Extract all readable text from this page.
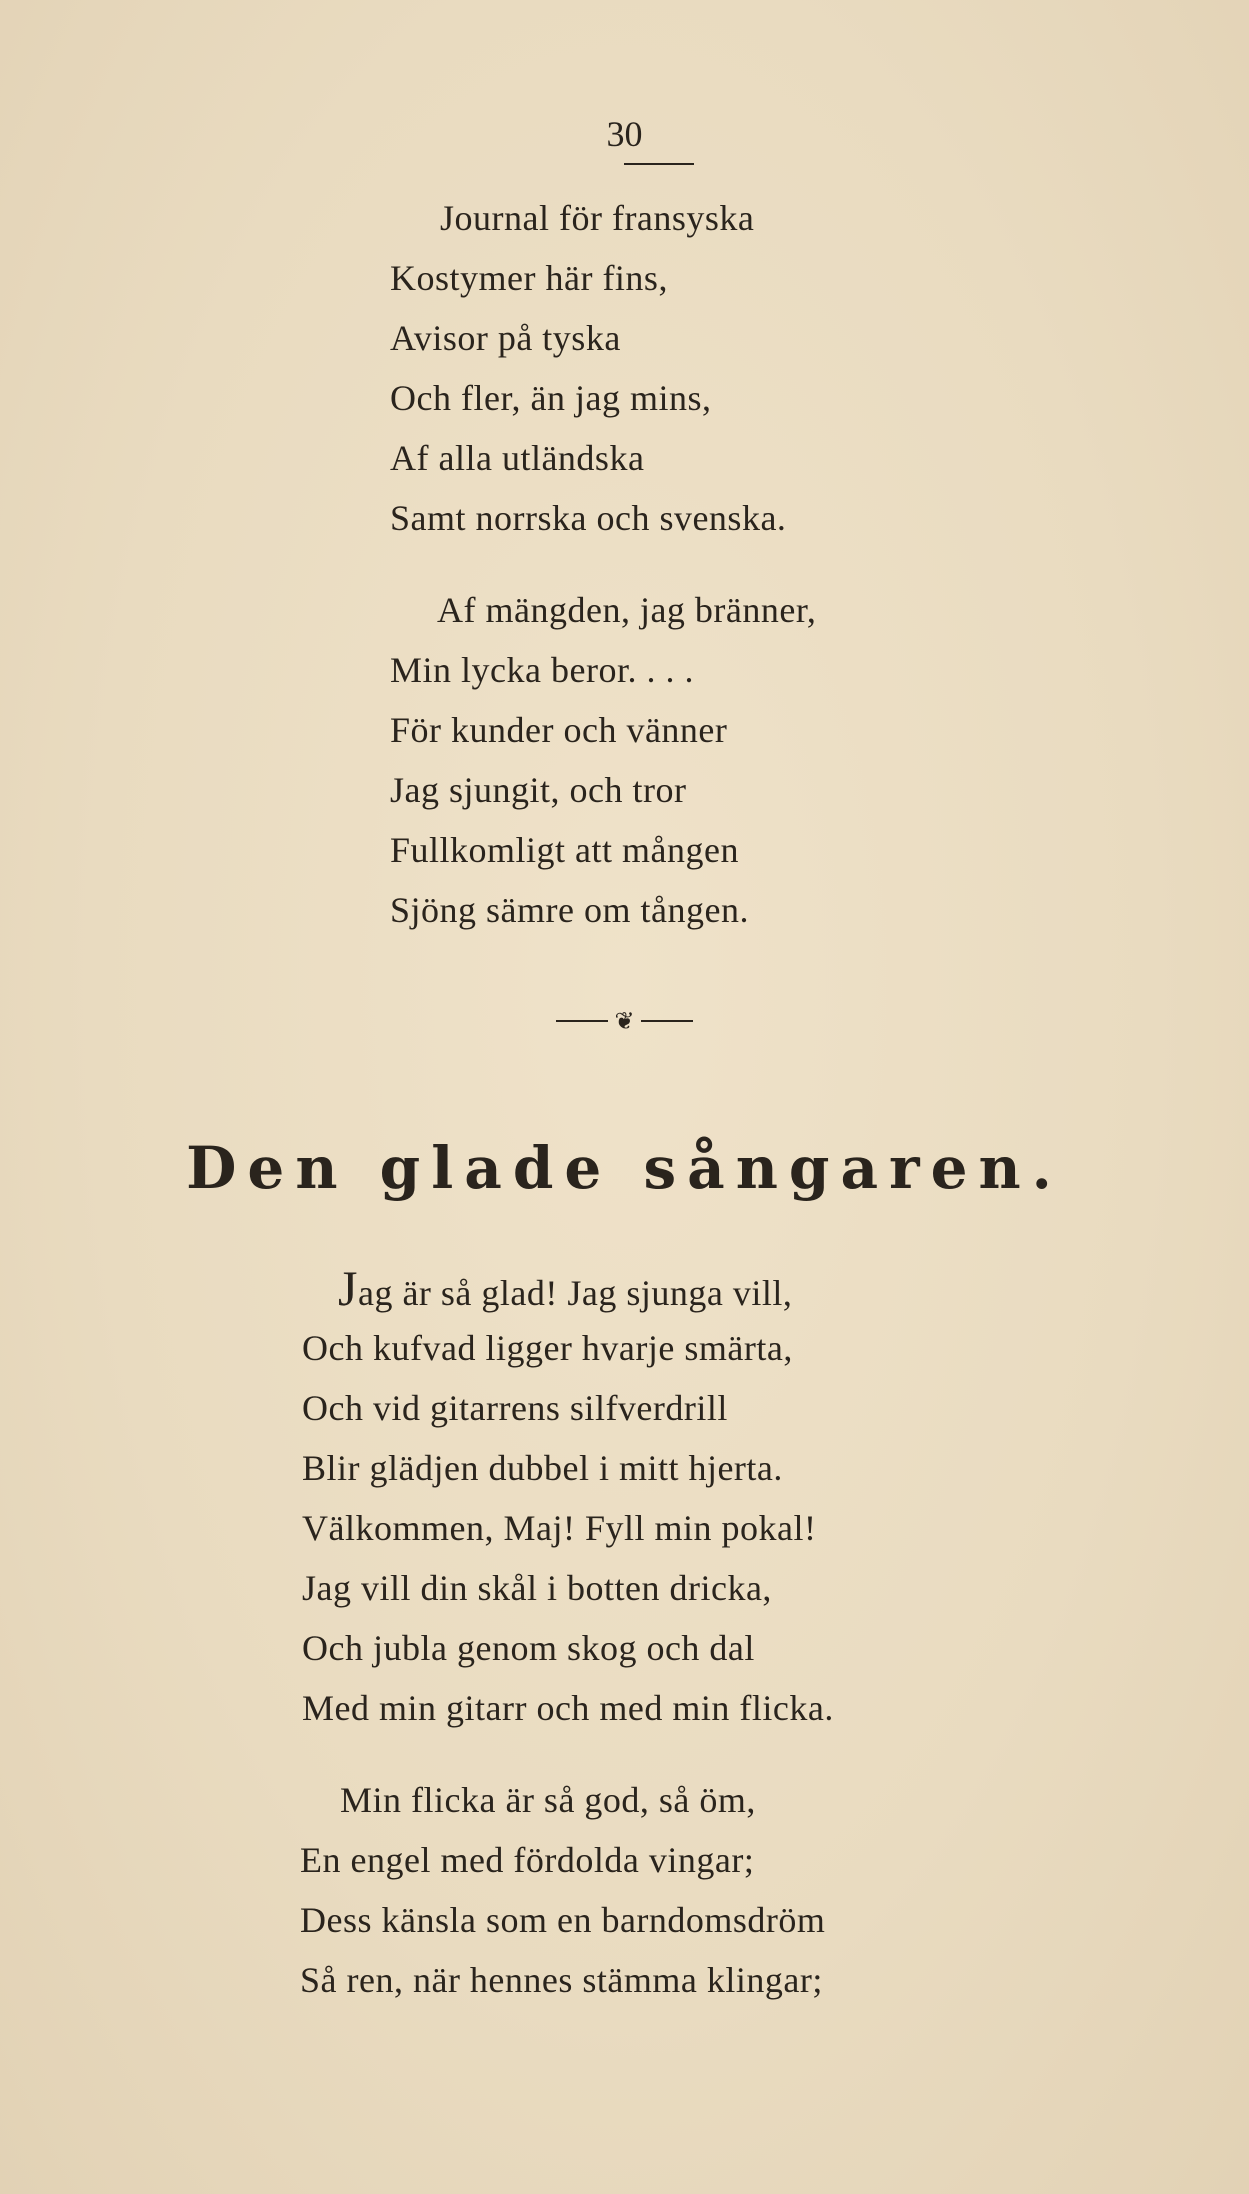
30
Journal för fransyska
Kostymer här fins,
Avisor på tyska
Och fler, än jag mins,
Af alla utländska
Samt norrska och svenska.
Af mängden, jag bränner,
Min lycka beror. . . .
För kunder och vänner
Jag sjungit, och tror
Fullkomligt att mången
Sjöng sämre om tången.
❦
Den glade sångaren.
Jag är så glad! Jag sjunga vill,
Och kufvad ligger hvarje smärta,
Och vid gitarrens silfverdrill
Blir glädjen dubbel i mitt hjerta.
Välkommen, Maj! Fyll min pokal!
Jag vill din skål i botten dricka,
Och jubla genom skog och dal
Med min gitarr och med min flicka.
Min flicka är så god, så öm,
En engel med fördolda vingar;
Dess känsla som en barndomsdröm
Så ren, när hennes stämma klingar;
